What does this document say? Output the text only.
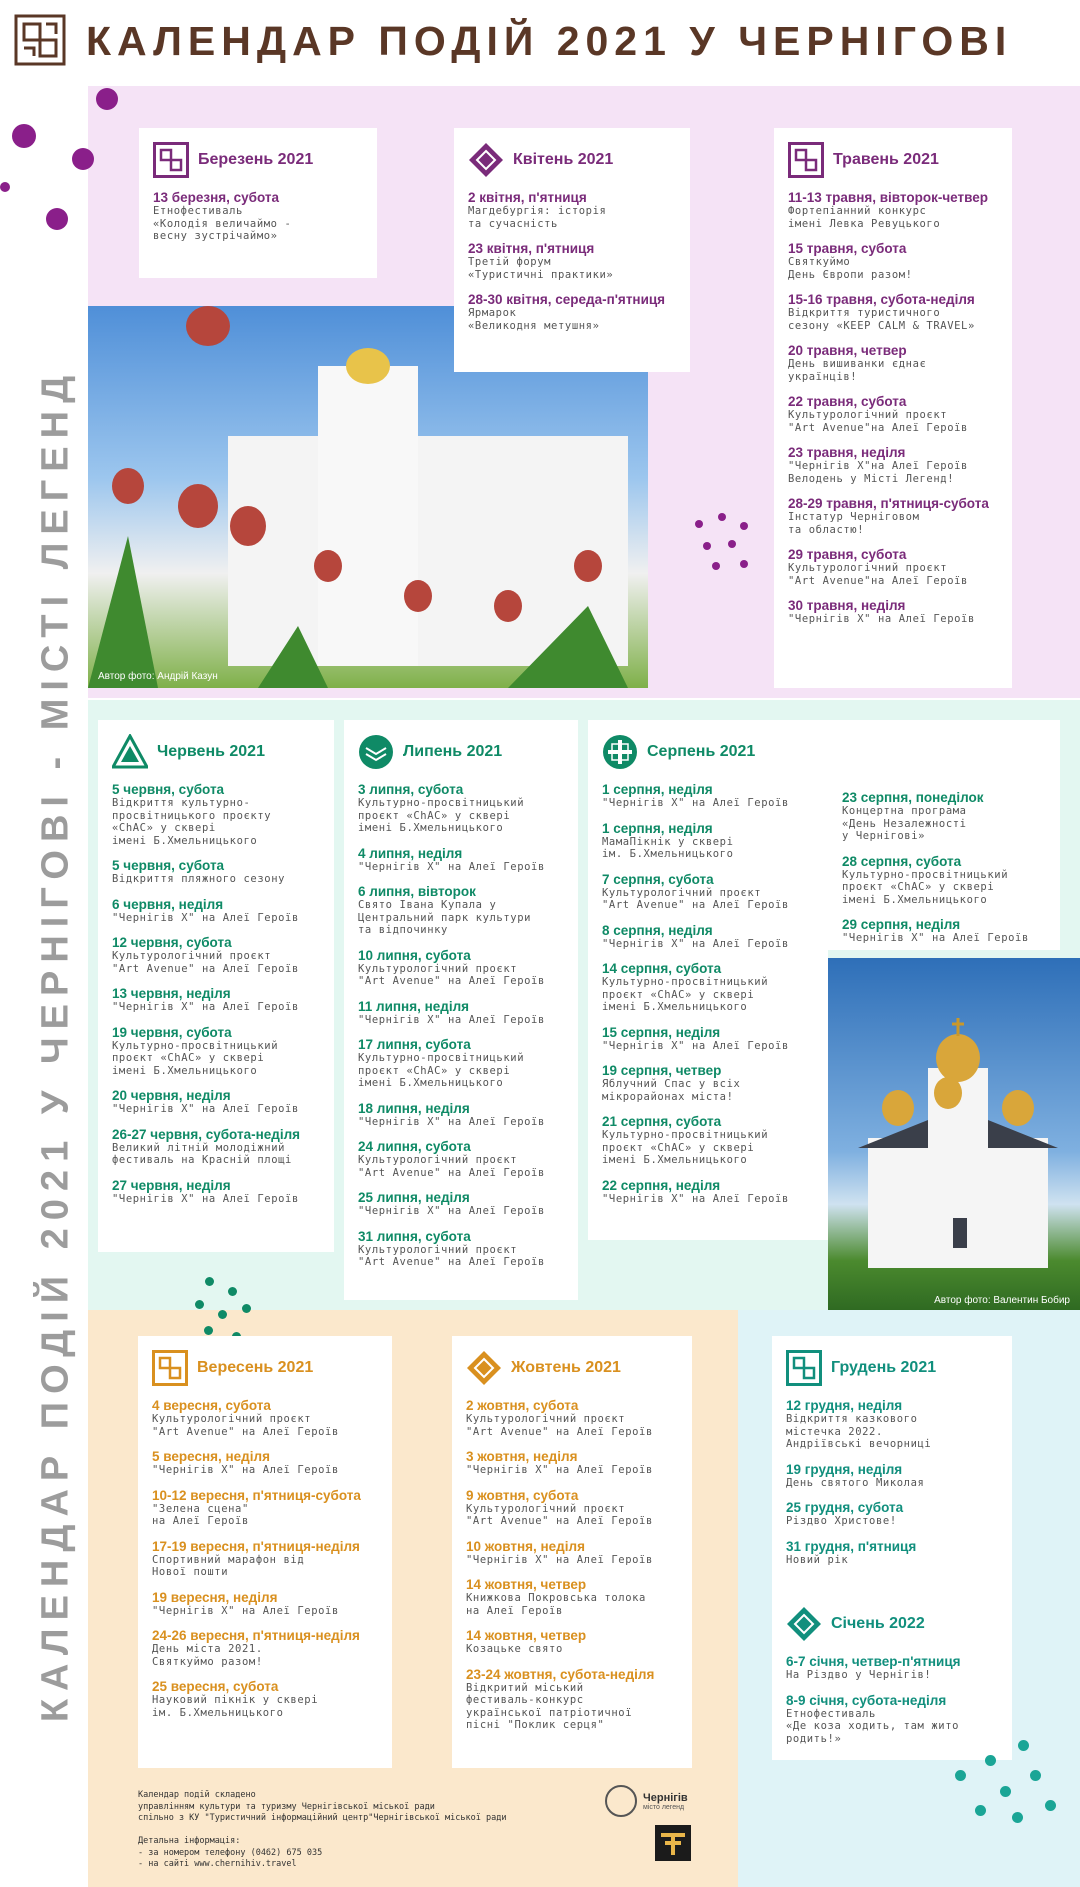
КАЛЕНДАР ПОДІЙ 2021 У ЧЕРНІГОВІ
КАЛЕНДАР ПОДІЙ 2021 У ЧЕРНІГОВІ - МІСТІ ЛЕГЕНД Автор фото: Андрій Казун
Березень 2021
13 березня, субота
Етнофестиваль
«Колодія величаймо -
весну зустрічаймо»
Квітень 2021
2 квітня, п'ятниця
Магдебургія: історія
та сучасність
23 квітня, п'ятниця
Третій форум
«Туристичні практики»
28-30 квітня, середа-п'ятниця
Ярмарок
«Великодня метушня»
Травень 2021
11-13 травня, вівторок-четвер
Фортепіанний конкурс
імені Левка Ревуцького
15 травня, субота
Святкуймо
День Європи разом!
15-16 травня, субота-неділя
Відкриття туристичного
сезону «KEEP CALM & TRAVEL»
20 травня, четвер
День вишиванки єднає
українців!
22 травня, субота
Культурологічний проєкт
"Art Avenue"на Алеї Героїв
23 травня, неділя
"Чернігів Х"на Алеї Героїв
Велодень у Місті Легенд!
28-29 травня, п'ятниця-субота
Інстатур Черніговом
та областю!
29 травня, субота
Культурологічний проєкт
"Art Avenue"на Алеї Героїв
30 травня, неділя
"Чернігів Х" на Алеї Героїв
Червень 2021
5 червня, субота
Відкриття культурно-
просвітницького проєкту
«ChAC» у сквері
імені Б.Хмельницького
5 червня, субота
Відкриття пляжного сезону
6 червня, неділя
"Чернігів Х" на Алеї Героїв
12 червня, субота
Культурологічний проєкт
"Art Avenue" на Алеї Героїв
13 червня, неділя
"Чернігів Х" на Алеї Героїв
19 червня, субота
Культурно-просвітницький
проєкт «ChAC» у сквері
імені Б.Хмельницького
20 червня, неділя
"Чернігів Х" на Алеї Героїв
26-27 червня, субота-неділя
Великий літній молодіжний
фестиваль на Красній площі
27 червня, неділя
"Чернігів Х" на Алеї Героїв
Липень 2021
3 липня, субота
Культурно-просвітницький
проєкт «ChAC» у сквері
імені Б.Хмельницького
4 липня, неділя
"Чернігів Х" на Алеї Героїв
6 липня, вівторок
Свято Івана Купала у
Центральний парк культури
та відпочинку
10 липня, субота
Культурологічний проєкт
"Art Avenue" на Алеї Героїв
11 липня, неділя
"Чернігів Х" на Алеї Героїв
17 липня, субота
Культурно-просвітницький
проєкт «ChAC» у сквері
імені Б.Хмельницького
18 липня, неділя
"Чернігів Х" на Алеї Героїв
24 липня, субота
Культурологічний проєкт
"Art Avenue" на Алеї Героїв
25 липня, неділя
"Чернігів Х" на Алеї Героїв
31 липня, субота
Культурологічний проєкт
"Art Avenue" на Алеї Героїв
Серпень 2021
1 серпня, неділя
"Чернігів Х" на Алеї Героїв
1 серпня, неділя
МамаПікнік у сквері
ім. Б.Хмельницького
7 серпня, субота
Культурологічний проєкт
"Art Avenue" на Алеї Героїв
8 серпня, неділя
"Чернігів Х" на Алеї Героїв
14 серпня, субота
Культурно-просвітницький
проєкт «ChAC» у сквері
імені Б.Хмельницького
15 серпня, неділя
"Чернігів Х" на Алеї Героїв
19 серпня, четвер
Яблучний Спас у всіх
мікрорайонах міста!
21 серпня, субота
Культурно-просвітницький
проєкт «ChAC» у сквері
імені Б.Хмельницького
22 серпня, неділя
"Чернігів Х" на Алеї Героїв
23 серпня, понеділок
Концертна програма
«День Незалежності
у Чернігові»
28 серпня, субота
Культурно-просвітницький
проєкт «ChAC» у сквері
імені Б.Хмельницького
29 серпня, неділя
"Чернігів Х" на Алеї Героїв
Автор фото: Валентин Бобир
Вересень 2021
4 вересня, субота
Культурологічний проєкт
"Art Avenue" на Алеї Героїв
5 вересня, неділя
"Чернігів Х" на Алеї Героїв
10-12 вересня, п'ятниця-субота
"Зелена сцена"
на Алеї Героїв
17-19 вересня, п'ятниця-неділя
Спортивний марафон від
Нової пошти
19 вересня, неділя
"Чернігів Х" на Алеї Героїв
24-26 вересня, п'ятниця-неділя
День міста 2021.
Святкуймо разом!
25 вересня, субота
Науковий пікнік у сквері
ім. Б.Хмельницького
Жовтень 2021
2 жовтня, субота
Культурологічний проєкт
"Art Avenue" на Алеї Героїв
3 жовтня, неділя
"Чернігів Х" на Алеї Героїв
9 жовтня, субота
Культурологічний проєкт
"Art Avenue" на Алеї Героїв
10 жовтня, неділя
"Чернігів Х" на Алеї Героїв
14 жовтня, четвер
Книжкова Покровська толока
на Алеї Героїв
14 жовтня, четвер
Козацьке свято
23-24 жовтня, субота-неділя
Відкритий міський
фестиваль-конкурс
української патріотичної
пісні "Поклик серця"
Грудень 2021
12 грудня, неділя
Відкриття казкового
містечка 2022.
Андріївські вечорниці
19 грудня, неділя
День святого Миколая
25 грудня, субота
Різдво Христове!
31 грудня, п'ятниця
Новий рік
Січень 2022
6-7 січня, четвер-п'ятниця
На Різдво у Чернігів!
8-9 січня, субота-неділя
Етнофестиваль
«Де коза ходить, там жито
родить!»
Календар подій складено
управлінням культури та туризму Чернігівської міської ради
спільно з КУ "Туристичний інформаційний центр"Чернігівської міської ради

Детальна інформація:
- за номером телефону (0462) 675 035
- на сайті www.chernihiv.travel
Чернігів
місто легенд
